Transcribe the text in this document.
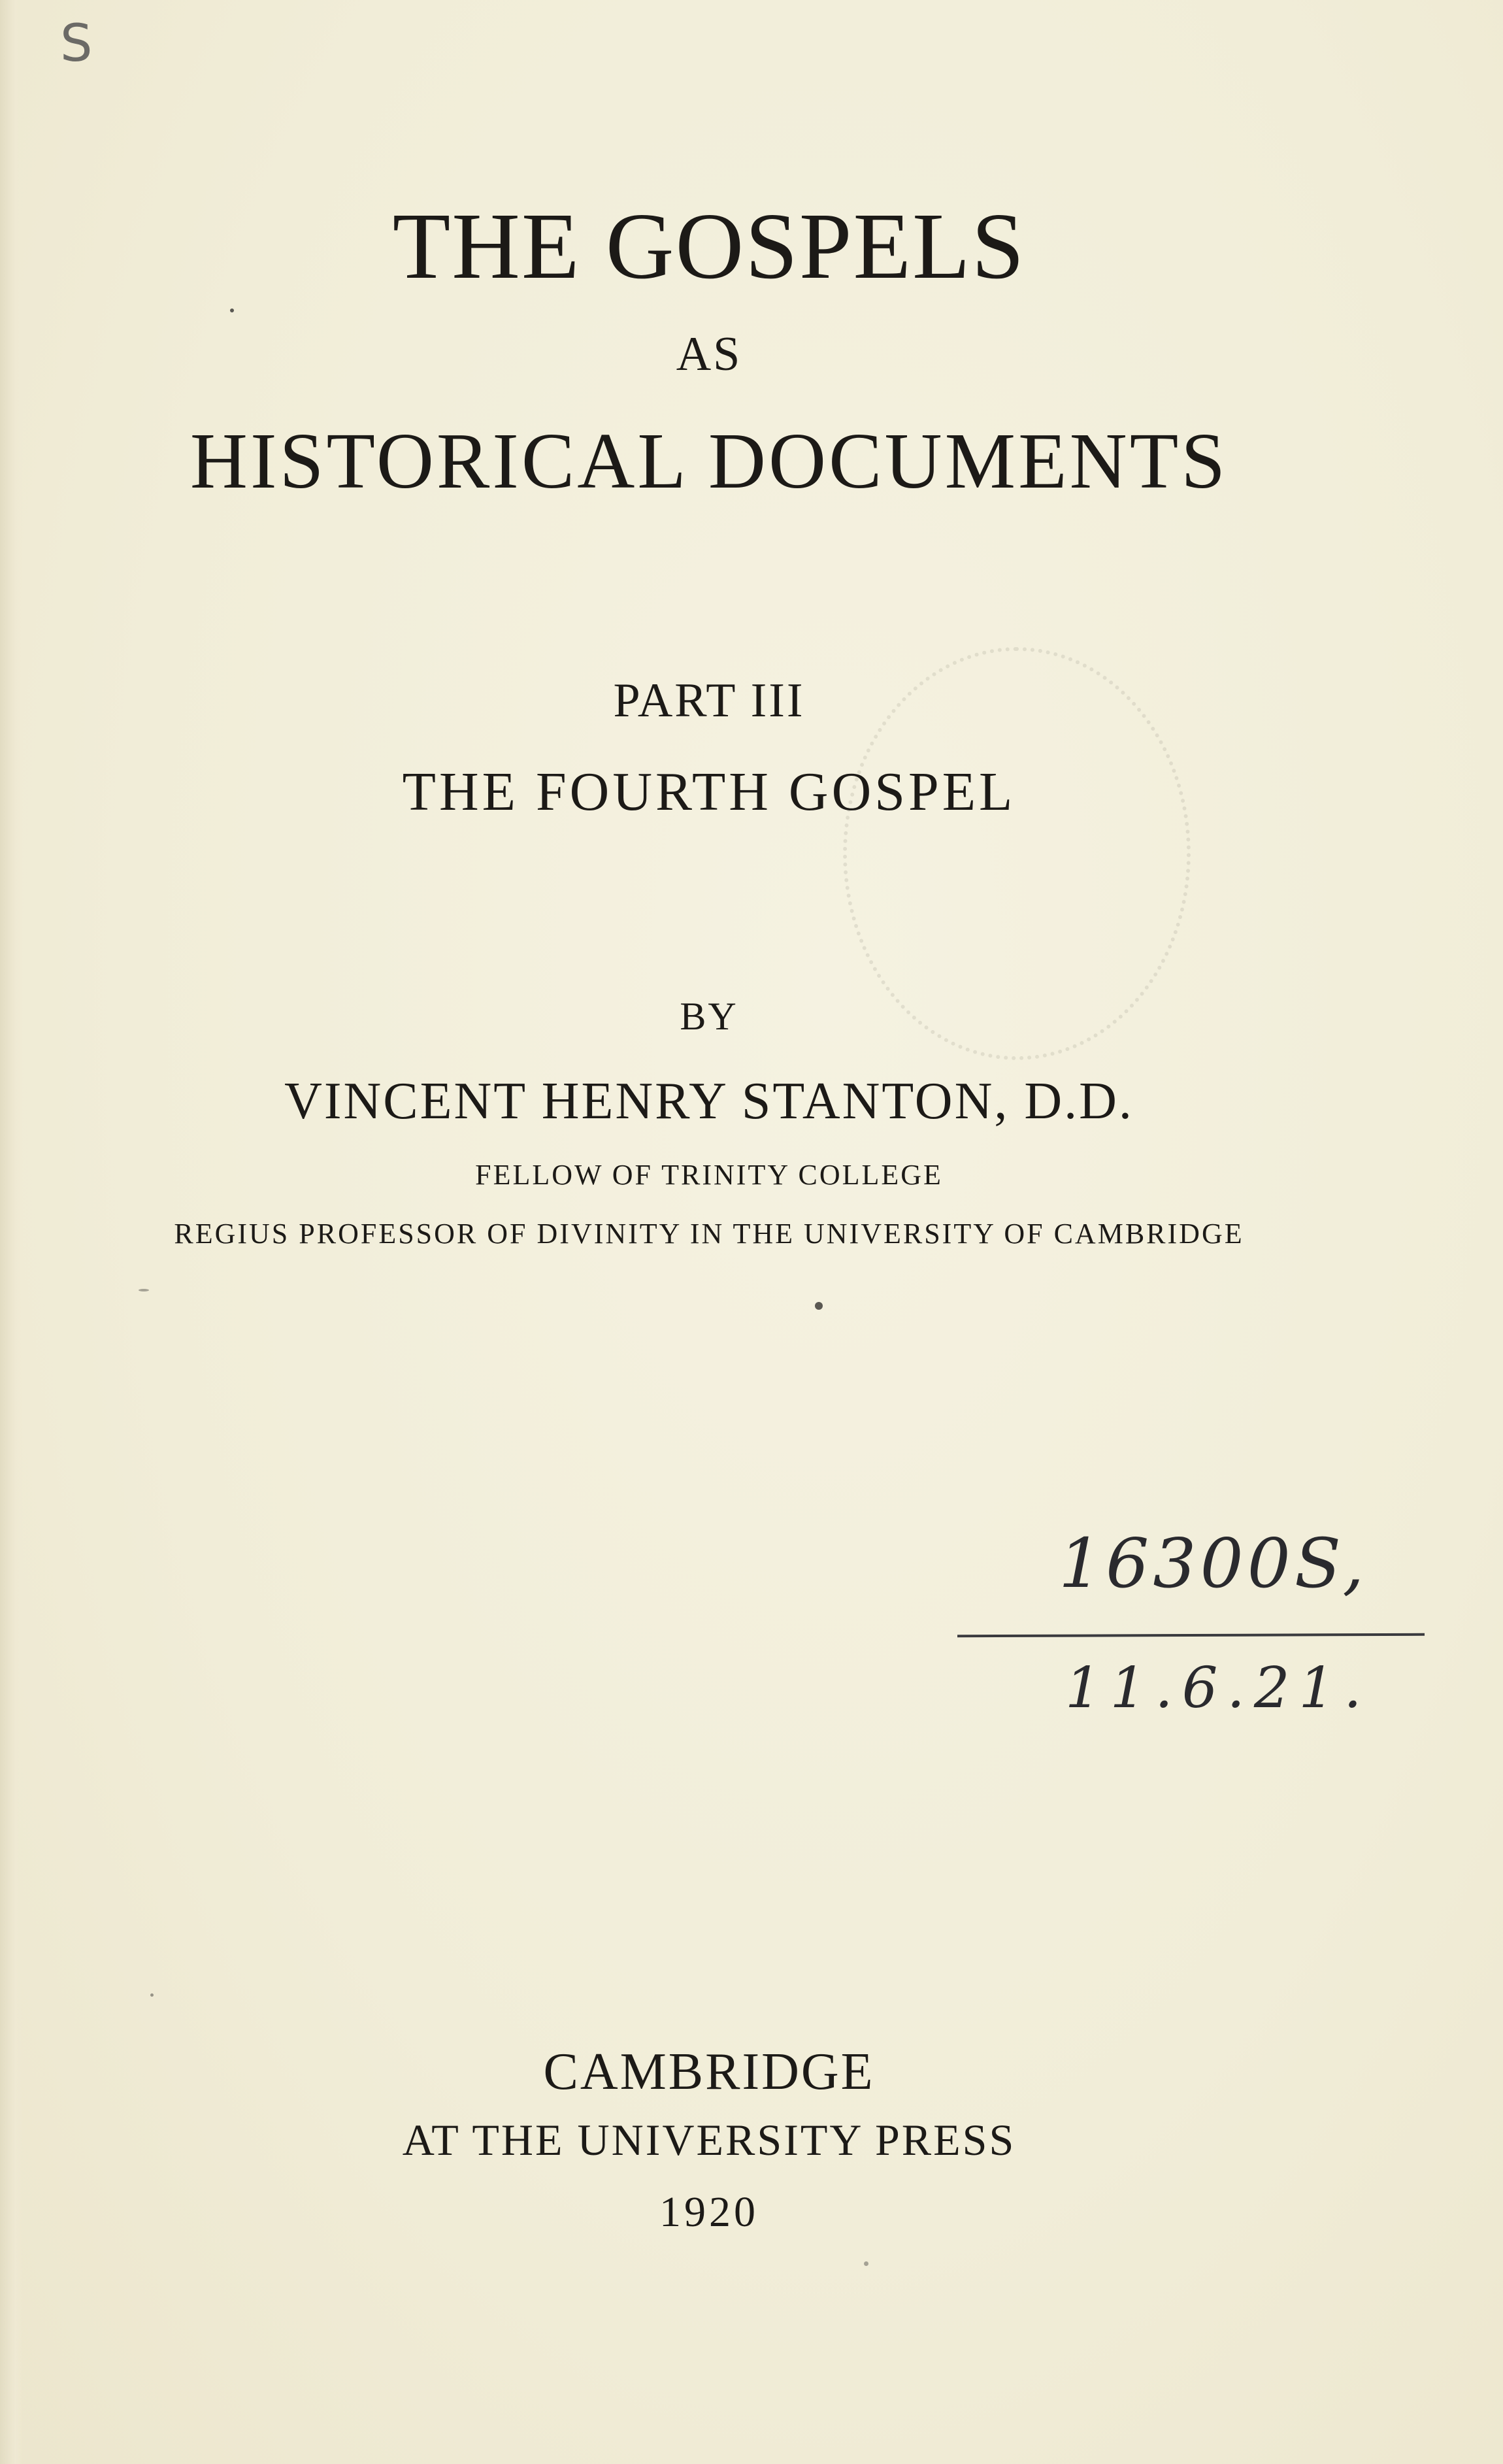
S
THE GOSPELS
AS
HISTORICAL DOCUMENTS
PART III
THE FOURTH GOSPEL
BY
VINCENT HENRY STANTON, D.D.
FELLOW OF TRINITY COLLEGE
REGIUS PROFESSOR OF DIVINITY IN THE UNIVERSITY OF CAMBRIDGE
16300S,
11.6.21.
CAMBRIDGE
AT THE UNIVERSITY PRESS
1920
